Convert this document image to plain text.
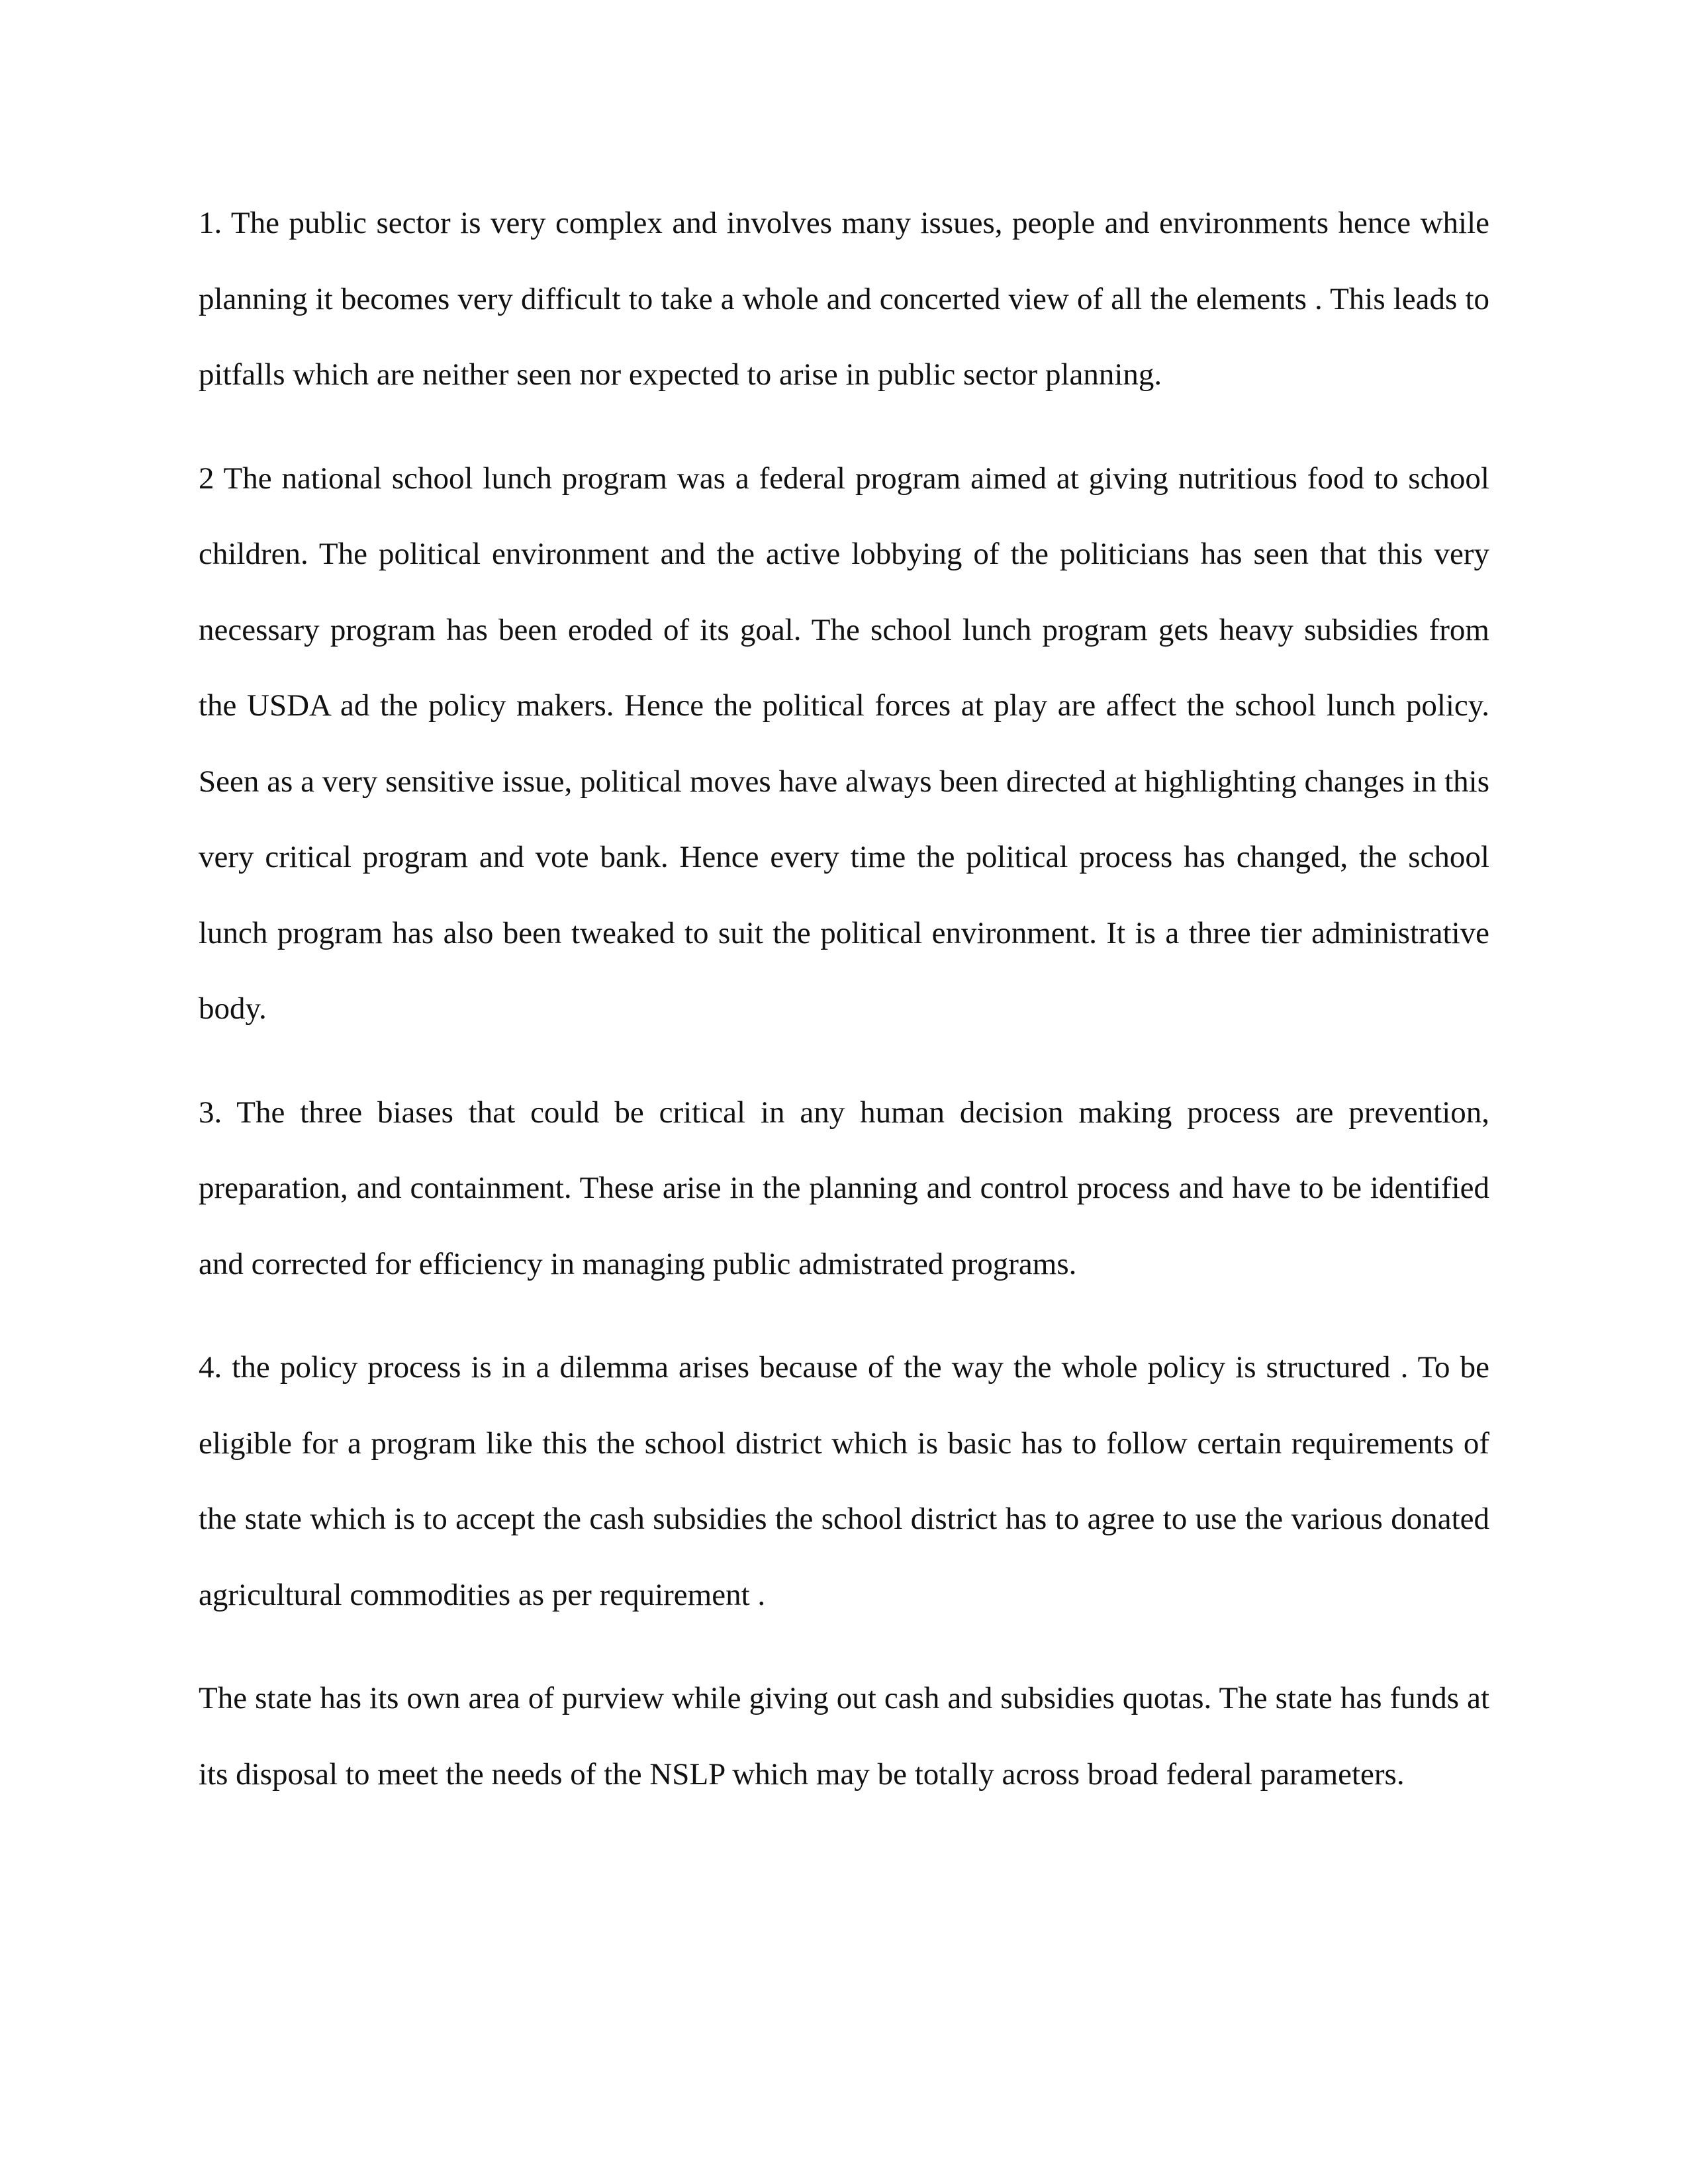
1. The public sector is very complex and involves many issues, people and environments hence while planning it becomes very difficult to take a whole and concerted view of all the elements . This leads to pitfalls which are neither seen nor expected to arise in public sector planning.

2 The national school lunch program was a federal program aimed at giving nutritious food to school children. The political environment and the active lobbying of the politicians has seen that this very necessary program has been eroded of its goal. The school lunch program gets heavy subsidies from the USDA ad the policy makers. Hence the political forces at play are affect the school lunch policy. Seen as a very sensitive issue, political moves have always been directed at highlighting changes in this very critical program and vote bank. Hence every time the political process has changed, the school lunch program has also been tweaked to suit the political environment. It is a three tier administrative body.

3. The three biases that could be critical in any human decision making process are prevention, preparation, and containment. These arise in the planning and control process and have to be identified and corrected for efficiency in managing public admistrated programs.

4. the policy process is in a dilemma arises because of the way the whole policy is structured . To be eligible for a program like this the school district which is basic has to follow certain requirements of the state which is to accept the cash subsidies the school district has to agree to use the various donated agricultural commodities as per requirement .

The state has its own area of purview while giving out cash and subsidies quotas. The state has funds at its disposal to meet the needs of the NSLP which may be totally across broad federal parameters.
